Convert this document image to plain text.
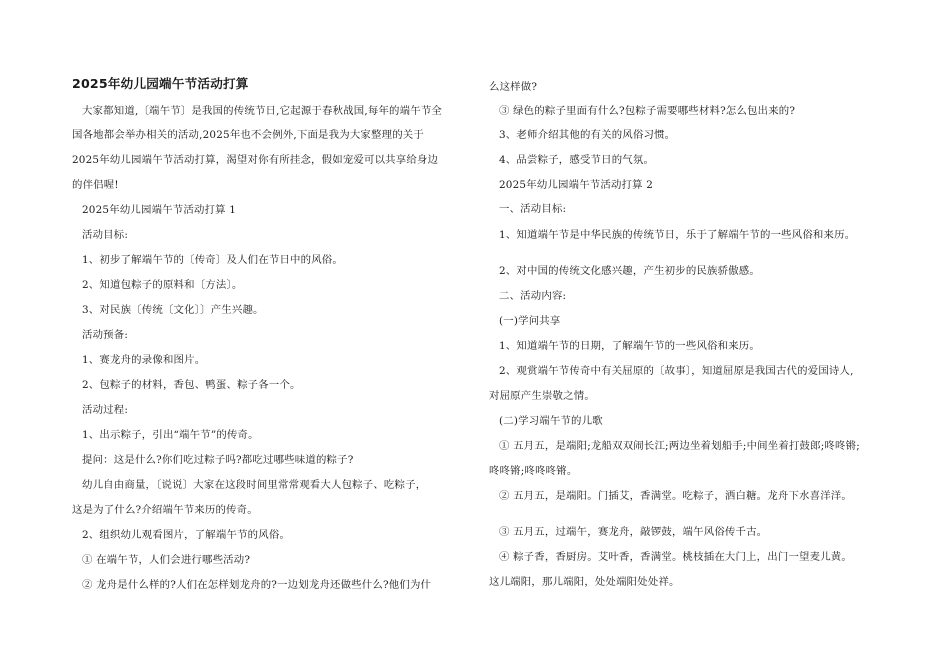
2025年幼儿园端午节活动打算
大家都知道,〔端午节〕是我国的传统节日,它起源于春秋战国,每年的端午节全
国各地都会举办相关的活动,2025年也不会例外,下面是我为大家整理的关于
2025年幼儿园端午节活动打算，渴望对你有所挂念，假如宠爱可以共享给身边
的伴侣喔!
2025年幼儿园端午节活动打算 1
活动目标:
1、初步了解端午节的〔传奇〕及人们在节日中的风俗。
2、知道包粽子的原料和〔方法〕。
3、对民族〔传统〔文化〕〕产生兴趣。
活动预备:
1、赛龙舟的录像和图片。
2、包粽子的材料，香包、鸭蛋、粽子各一个。
活动过程:
1、出示粽子，引出“端午节”的传奇。
提问：这是什么?你们吃过粽子吗?都吃过哪些味道的粽子?
幼儿自由商量，〔说说〕大家在这段时间里常常观看大人包粽子、吃粽子，
这是为了什么?介绍端午节来历的传奇。
2、组织幼儿观看图片，了解端午节的风俗。
① 在端午节，人们会进行哪些活动?
② 龙舟是什么样的?人们在怎样划龙舟的?一边划龙舟还做些什么?他们为什
么这样做?
③ 绿色的粽子里面有什么?包粽子需要哪些材料?怎么包出来的?
3、老师介绍其他的有关的风俗习惯。
4、品尝粽子，感受节日的气氛。
2025年幼儿园端午节活动打算 2
一、活动目标:
1、知道端午节是中华民族的传统节日，乐于了解端午节的一些风俗和来历。
2、对中国的传统文化感兴趣，产生初步的民族骄傲感。
二、活动内容:
(一)学问共享
1、知道端午节的日期，了解端午节的一些风俗和来历。
2、观赏端午节传奇中有关屈原的〔故事〕，知道屈原是我国古代的爱国诗人,
对屈原产生崇敬之情。
(二)学习端午节的儿歌
① 五月五，是端阳;龙船双双闹长江;两边坐着划船手;中间坐着打鼓郎;咚咚锵;
咚咚锵;咚咚咚锵。
② 五月五，是端阳。门插艾，香满堂。吃粽子，洒白糖。龙舟下水喜洋洋。
③ 五月五，过端午，赛龙舟，敲锣鼓，端午风俗传千古。
④ 粽子香，香厨房。艾叶香，香满堂。桃枝插在大门上，出门一望麦儿黄。
这儿端阳，那儿端阳，处处端阳处处祥。
